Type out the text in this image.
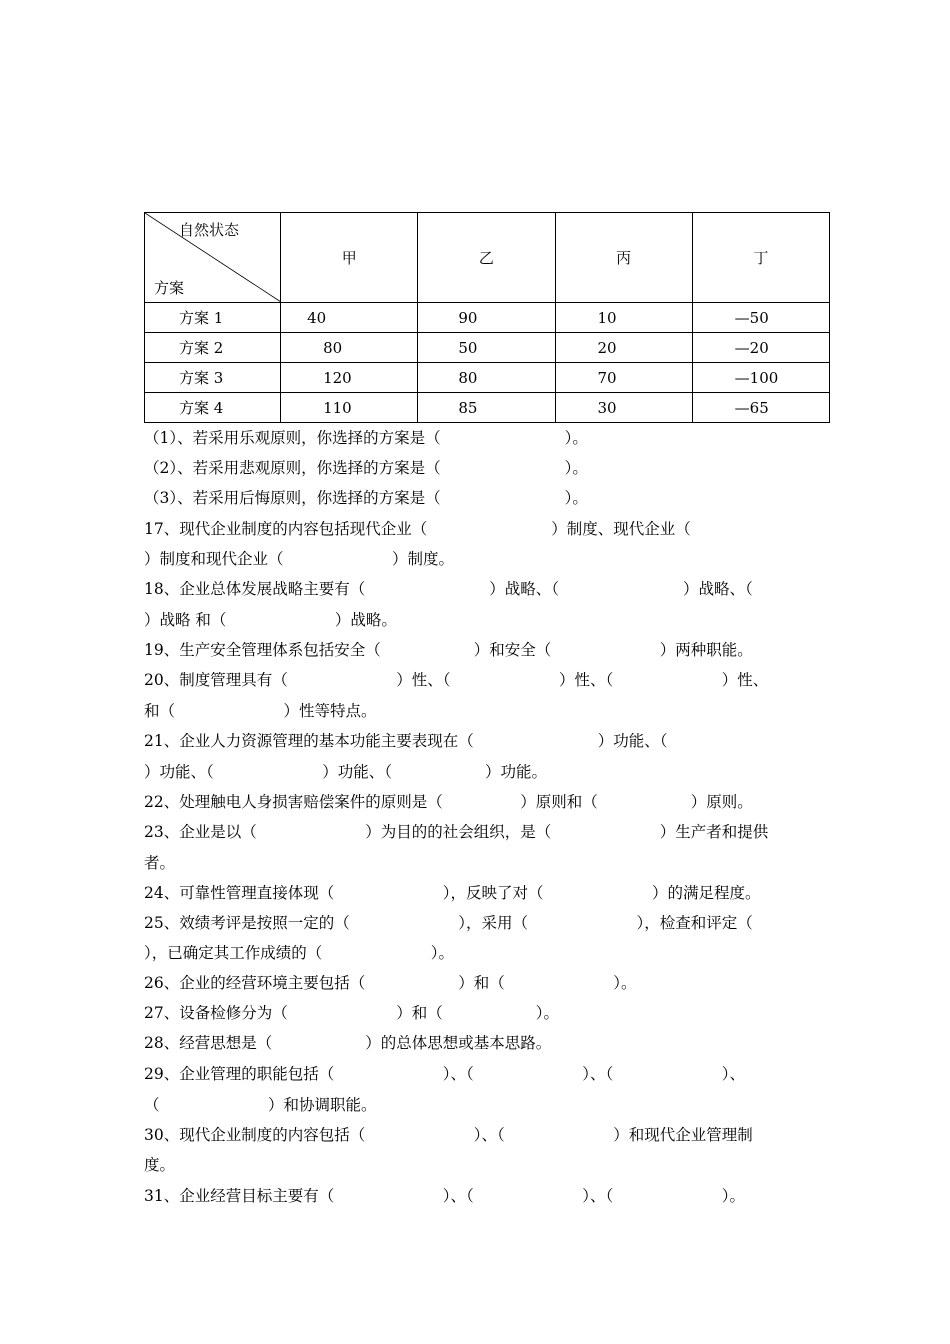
自然状态
方案	甲	乙	丙	丁
方案 1	40	90	10	—50
方案 2	80	50	20	—20
方案 3	120	80	70	—100
方案 4	110	85	30	—65
（1）、若采用乐观原则，你选择的方案是（　　　　　　　　）。
（2）、若采用悲观原则，你选择的方案是（　　　　　　　　）。
（3）、若采用后悔原则，你选择的方案是（　　　　　　　　）。
17、现代企业制度的内容包括现代企业（　　　　　　　　）制度、现代企业（
）制度和现代企业（　　　　　　　）制度。
18、企业总体发展战略主要有（　　　　　　　　）战略、（　　　　　　　　）战略、（
）战略 和（　　　　　　　）战略。
19、生产安全管理体系包括安全（　　　　　　）和安全（　　　　　　　）两种职能。
20、制度管理具有（　　　　　　　）性、（　　　　　　　）性、（　　　　　　　）性、
和（　　　　　　　）性等特点。
21、企业人力资源管理的基本功能主要表现在（　　　　　　　　）功能、（
）功能、（　　　　　　　）功能、（　　　　　　）功能。
22、处理触电人身损害赔偿案件的原则是（　　　　　）原则和（　　　　　　）原则。
23、企业是以（　　　　　　　）为目的的社会组织，是（　　　　　　　）生产者和提供
者。
24、可靠性管理直接体现（　　　　　　　），反映了对（　　　　　　　）的满足程度。
25、效绩考评是按照一定的（　　　　　　　），采用（　　　　　　　），检查和评定（
），已确定其工作成绩的（　　　　　　　）。
26、企业的经营环境主要包括（　　　　　　）和（　　　　　　　）。
27、设备检修分为（　　　　　　　）和（　　　　　　）。
28、经营思想是（　　　　　　）的总体思想或基本思路。
29、企业管理的职能包括（　　　　　　　）、（　　　　　　　）、（　　　　　　　）、
（　　　　　　　）和协调职能。
30、现代企业制度的内容包括（　　　　　　　）、（　　　　　　　）和现代企业管理制
度。
31、企业经营目标主要有（　　　　　　　）、（　　　　　　　）、（　　　　　　　）。
